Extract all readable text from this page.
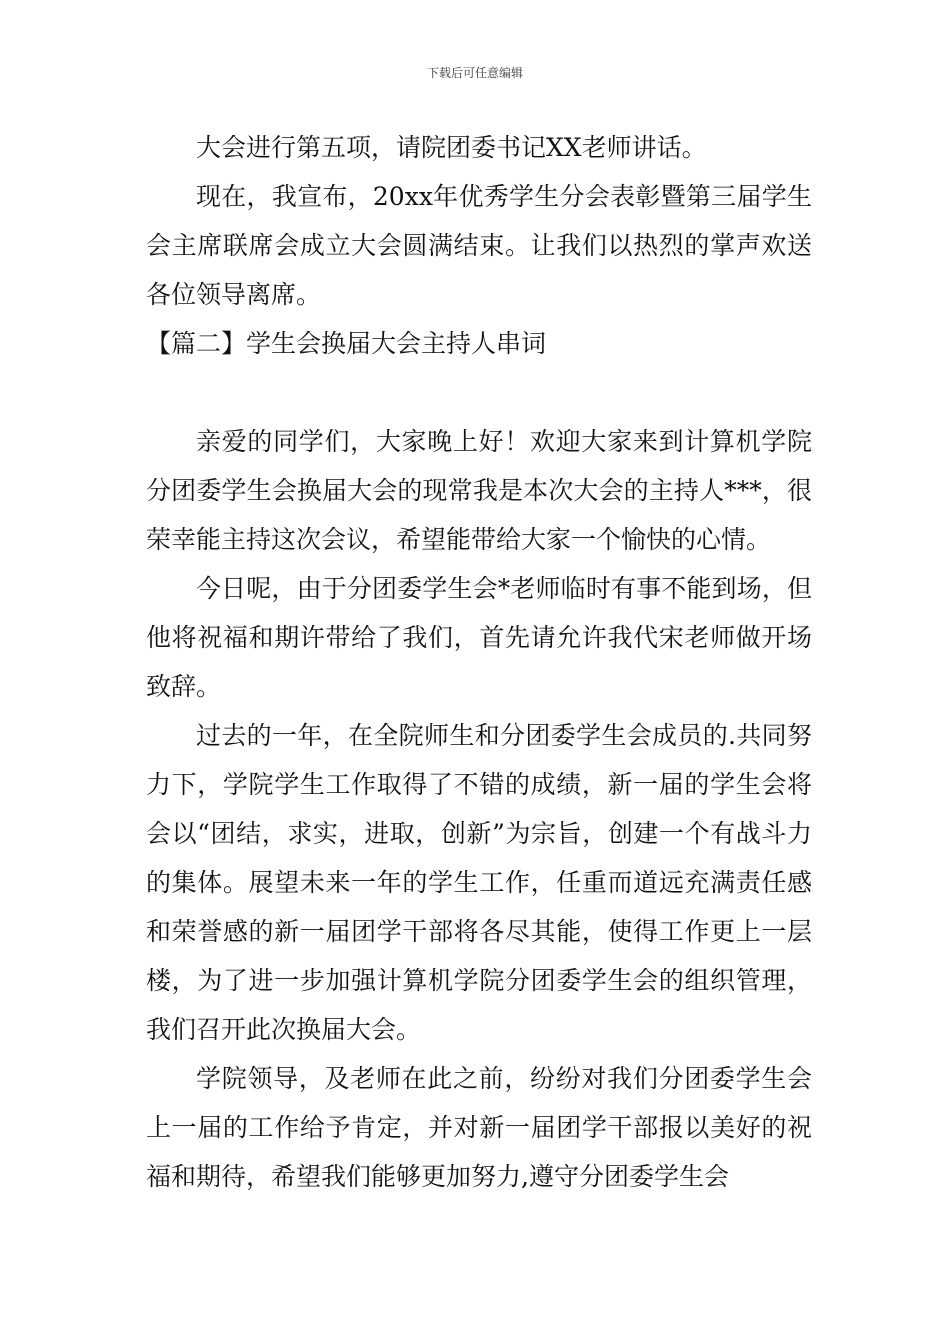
下载后可任意编辑

大会进行第五项，请院团委书记XX老师讲话。

现在，我宣布，20xx年优秀学生分会表彰暨第三届学生会主席联席会成立大会圆满结束。让我们以热烈的掌声欢送各位领导离席。

【篇二】学生会换届大会主持人串词

亲爱的同学们，大家晚上好！欢迎大家来到计算机学院分团委学生会换届大会的现常我是本次大会的主持人***，很荣幸能主持这次会议，希望能带给大家一个愉快的心情。

今日呢，由于分团委学生会*老师临时有事不能到场，但他将祝福和期许带给了我们，首先请允许我代宋老师做开场致辞。

过去的一年，在全院师生和分团委学生会成员的.共同努力下，学院学生工作取得了不错的成绩，新一届的学生会将会以“团结，求实，进取，创新”为宗旨，创建一个有战斗力的集体。展望未来一年的学生工作，任重而道远充满责任感和荣誉感的新一届团学干部将各尽其能，使得工作更上一层楼，为了进一步加强计算机学院分团委学生会的组织管理，我们召开此次换届大会。

学院领导，及老师在此之前，纷纷对我们分团委学生会上一届的工作给予肯定，并对新一届团学干部报以美好的祝福和期待，希望我们能够更加努力,遵守分团委学生会
